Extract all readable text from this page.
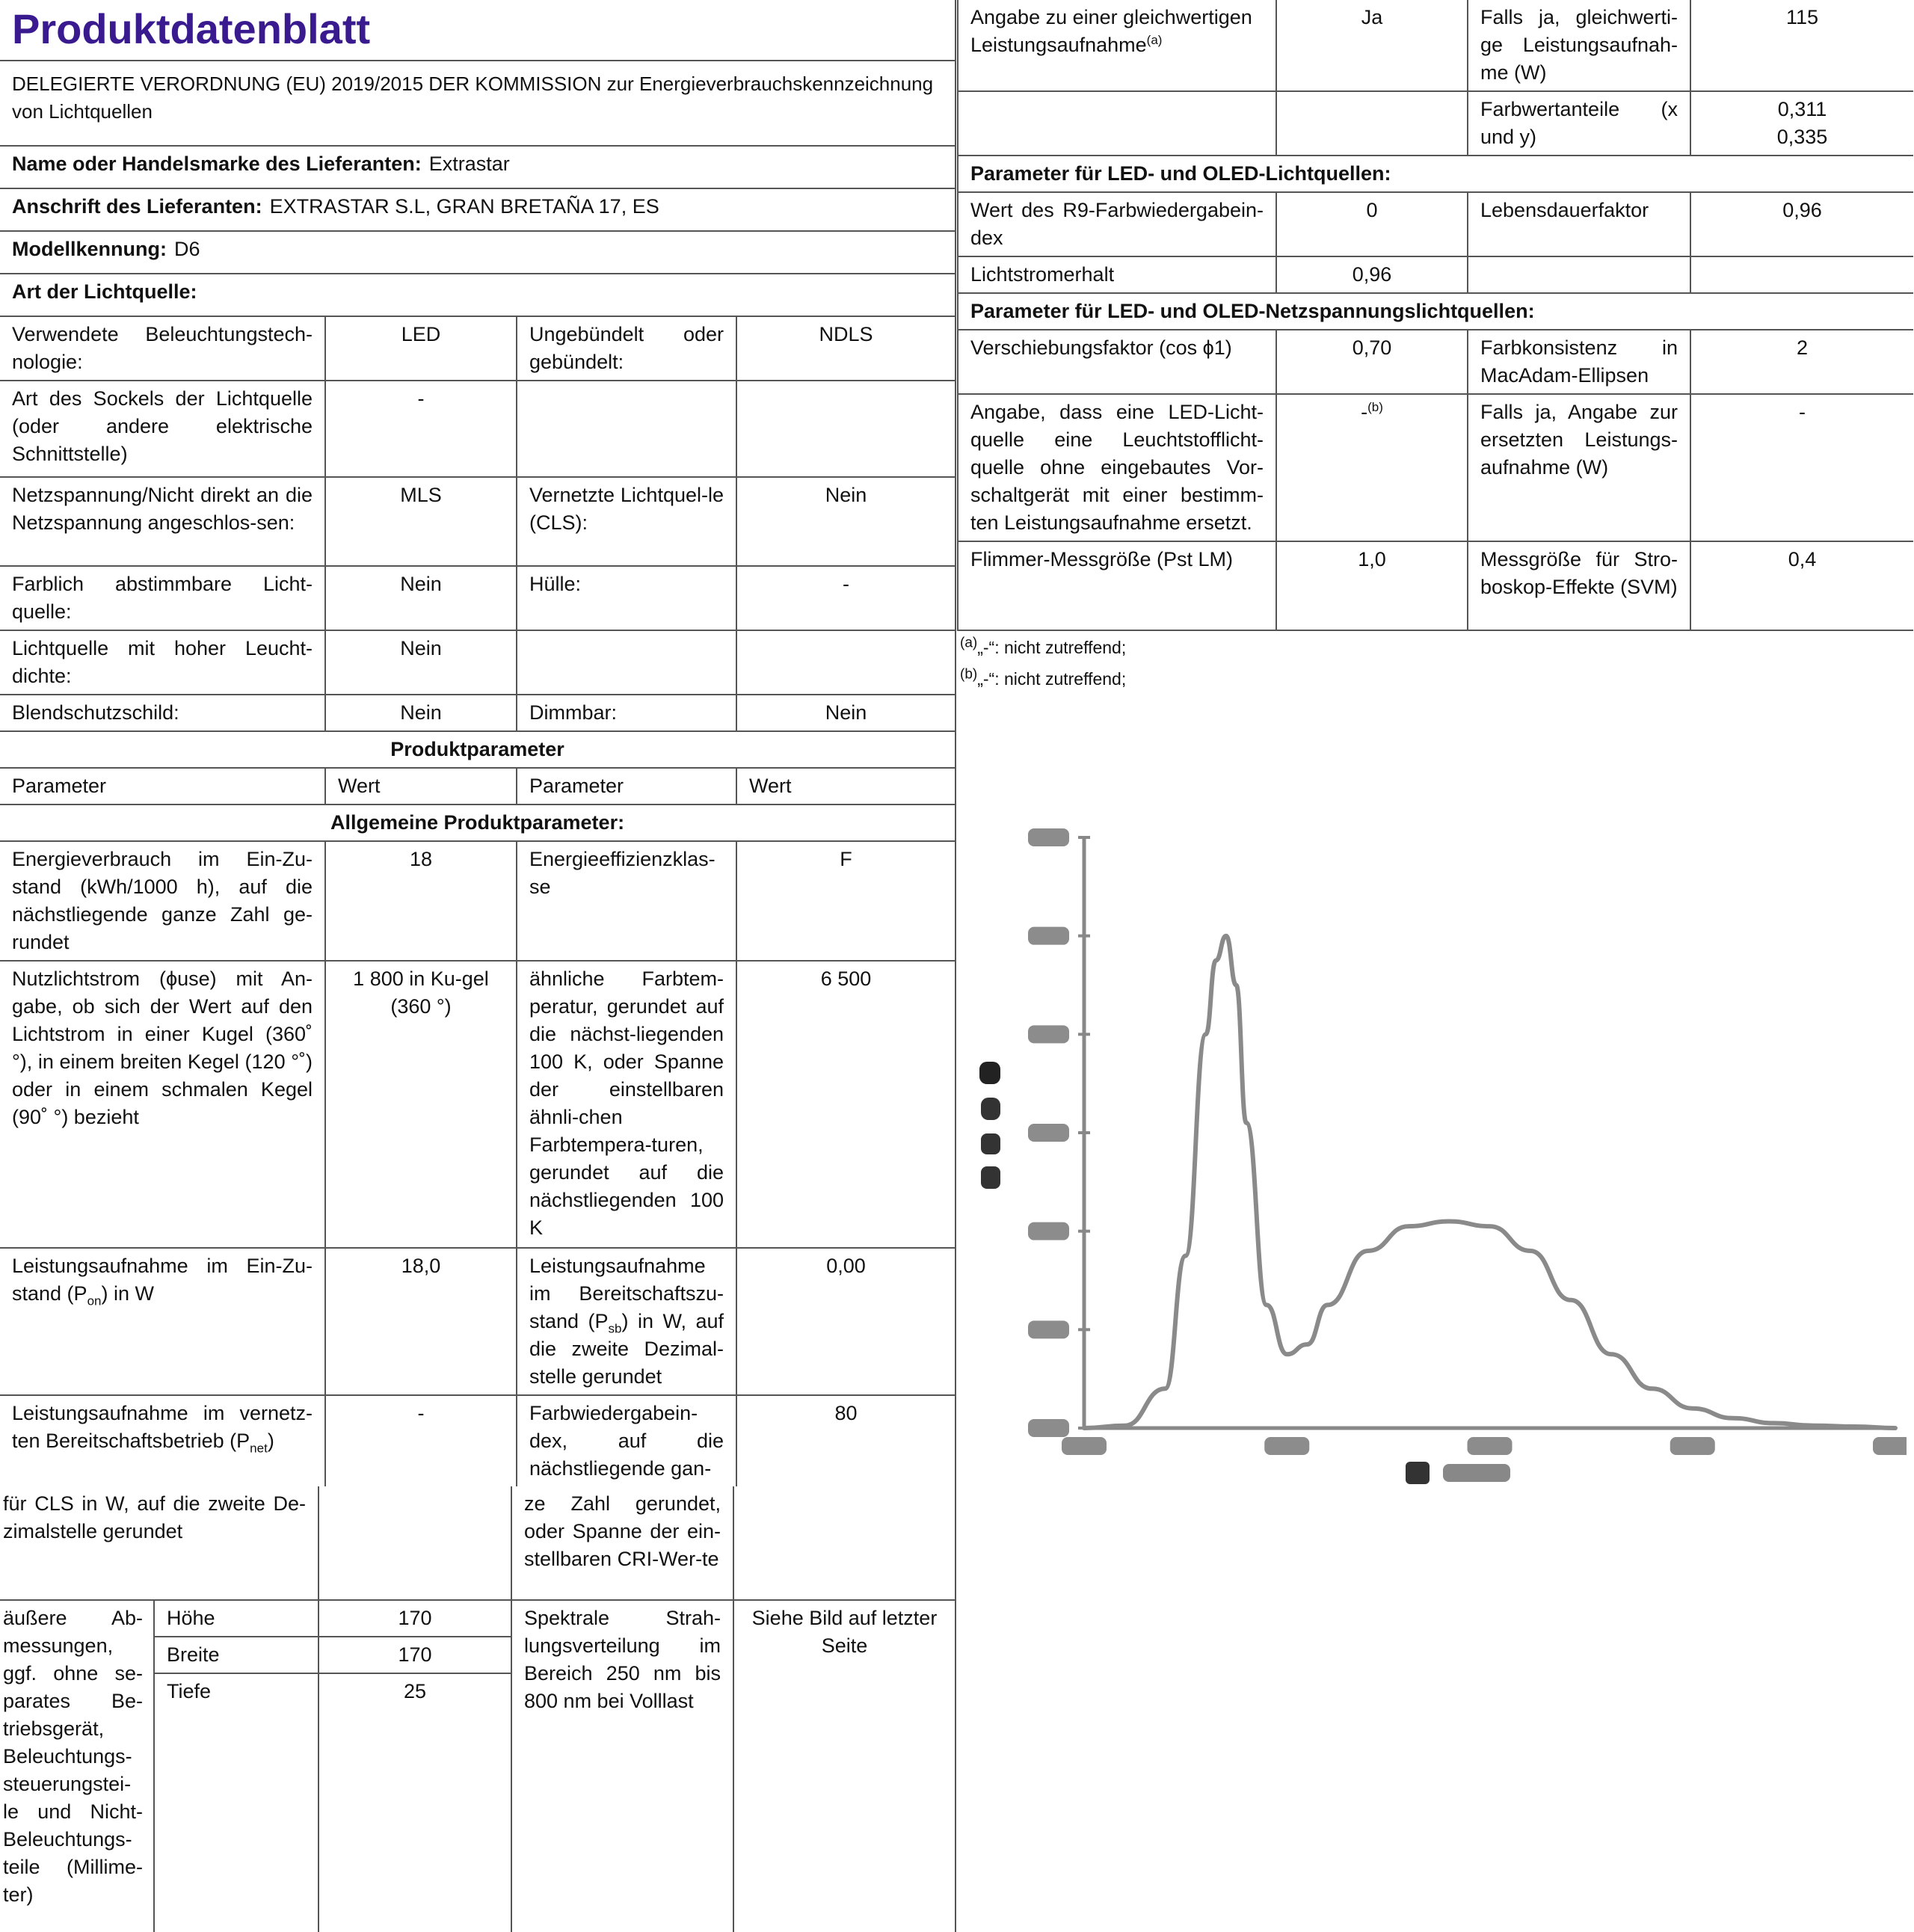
Produktdatenblatt			
DELEGIERTE VERORDNUNG (EU) 2019/2015 DER KOMMISSION zur Energieverbrauchskennzeichnung von Lichtquellen			
Name oder Handelsmarke des Lieferanten: Extrastar			
Anschrift des Lieferanten: EXTRASTAR S.L, GRAN BRETAÑA 17, ES			
Modellkennung: D6			
Art der Lichtquelle:			
Verwendete Beleuchtungstech-nologie:	LED	Ungebündelt oder gebündelt:	NDLS
Art des Sockels der Lichtquelle (oder andere elektrische Schnittstelle)	-		
Netzspannung/Nicht direkt an die Netzspannung angeschlos-sen:	MLS	Vernetzte Lichtquel-le (CLS):	Nein
Farblich abstimmbare Licht-quelle:	Nein	Hülle:	-
Lichtquelle mit hoher Leucht-dichte:	Nein		
Blendschutzschild:	Nein	Dimmbar:	Nein
Produktparameter			
Parameter	Wert	Parameter	Wert
Allgemeine Produktparameter:			
Energieverbrauch im Ein-Zu-stand (kWh/1000 h), auf die nächstliegende ganze Zahl ge-rundet	18	Energieeffizienzklas-se	F
Nutzlichtstrom (ϕuse) mit An-gabe, ob sich der Wert auf den Lichtstrom in einer Kugel (360˚ °), in einem breiten Kegel (120 °˚) oder in einem schmalen Kegel (90˚ °) bezieht	1 800 in Ku-gel (360 °)	ähnliche Farbtem-peratur, gerundet auf die nächst-liegenden 100 K, oder Spanne der einstellbaren ähnli-chen Farbtempera-turen, gerundet auf die nächstliegenden 100 K	6 500
Leistungsaufnahme im Ein-Zu-stand $(P_{on})$ in W	18,0	Leistungsaufnahme im Bereitschaftszu-stand $(P_{sb})$ in W, auf die zweite Dezimal-stelle gerundet	0,00
Leistungsaufnahme im vernetz-ten Bereitschaftsbetrieb $(P_{net})$	-	Farbwiedergabein-dex, auf die nächstliegende gan-	80
für CLS in W, auf die zweite De-zimalstelle gerundet			ze Zahl gerundet, oder Spanne der ein-stellbaren CRI-Wer-te	
äußere Ab-messungen, ggf. ohne se-parates Be-triebsgerät, Beleuchtungs-steuerungstei-le und Nicht-Beleuchtungs-teile (Millime-ter)	Höhe	170	Spektrale Strah-lungsverteilung im Bereich 250 nm bis 800 nm bei Volllast	Siehe Bild auf letzter Seite
	Breite	170		
	Tiefe	25		

Angabe zu einer gleichwertigen Leistungsaufnahme$^{(a)}$	Ja	Falls ja, gleichwerti-ge Leistungsaufnah-me (W)	115
		Farbwertanteile (x und y)	0,311
0,335

Parameter für LED- und OLED-Lichtquellen:			
Wert des R9-Farbwiedergabein-dex	0	Lebensdauerfaktor	0,96
Lichtstromerhalt	0,96		
Parameter für LED- und OLED-Netzspannungslichtquellen:			
Verschiebungsfaktor (cos ϕ1)	0,70	Farbkonsistenz in MacAdam-Ellipsen	2
Angabe, dass eine LED-Licht-quelle eine Leuchtstofflicht-quelle ohne eingebautes Vor-schaltgerät mit einer bestimm-ten Leistungsaufnahme ersetzt.	-$^{(b)}$	Falls ja, Angabe zur ersetzten Leistungs-aufnahme (W)	-
Flimmer-Messgröße (Pst LM)	1,0	Messgröße für Stro-boskop-Effekte (SVM)	0,4
$^{(a)}$„-“: nicht zutreffend;
$^{(b)}$„-“: nicht zutreffend;
